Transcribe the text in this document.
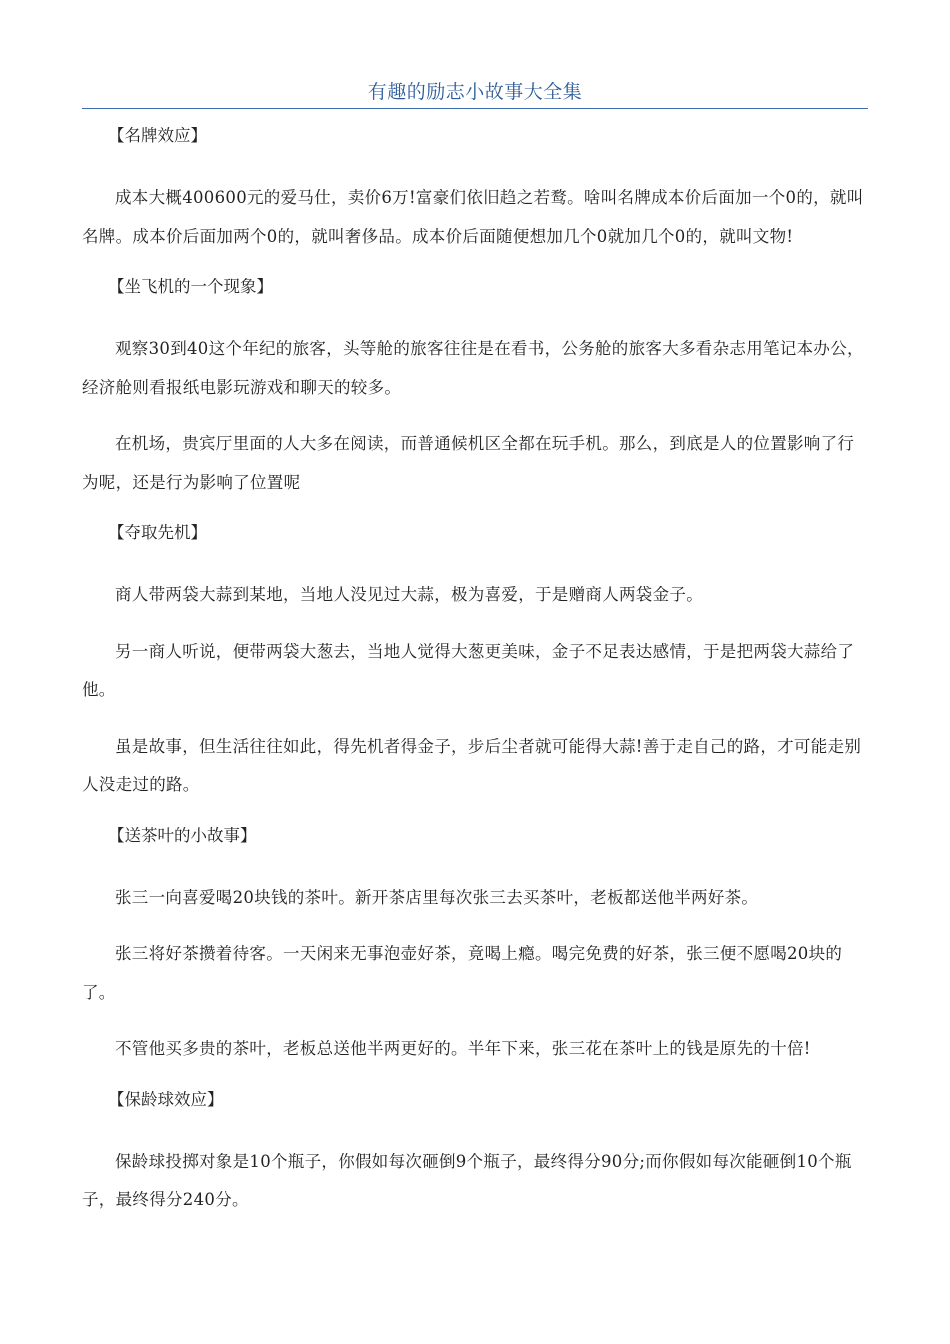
有趣的励志小故事大全集
【名牌效应】

成本大概400600元的爱马仕，卖价6万!富豪们依旧趋之若鹜。啥叫名牌成本价后面加一个0的，就叫名牌。成本价后面加两个0的，就叫奢侈品。成本价后面随便想加几个0就加几个0的，就叫文物!

【坐飞机的一个现象】

观察30到40这个年纪的旅客，头等舱的旅客往往是在看书，公务舱的旅客大多看杂志用笔记本办公，经济舱则看报纸电影玩游戏和聊天的较多。

在机场，贵宾厅里面的人大多在阅读，而普通候机区全都在玩手机。那么，到底是人的位置影响了行为呢，还是行为影响了位置呢

【夺取先机】

商人带两袋大蒜到某地，当地人没见过大蒜，极为喜爱，于是赠商人两袋金子。

另一商人听说，便带两袋大葱去，当地人觉得大葱更美味，金子不足表达感情，于是把两袋大蒜给了他。

虽是故事，但生活往往如此，得先机者得金子，步后尘者就可能得大蒜!善于走自己的路，才可能走别人没走过的路。

【送茶叶的小故事】

张三一向喜爱喝20块钱的茶叶。新开茶店里每次张三去买茶叶，老板都送他半两好茶。

张三将好茶攒着待客。一天闲来无事泡壶好茶，竟喝上瘾。喝完免费的好茶，张三便不愿喝20块的了。

不管他买多贵的茶叶，老板总送他半两更好的。半年下来，张三花在茶叶上的钱是原先的十倍!

【保龄球效应】

保龄球投掷对象是10个瓶子，你假如每次砸倒9个瓶子，最终得分90分;而你假如每次能砸倒10个瓶子，最终得分240分。
